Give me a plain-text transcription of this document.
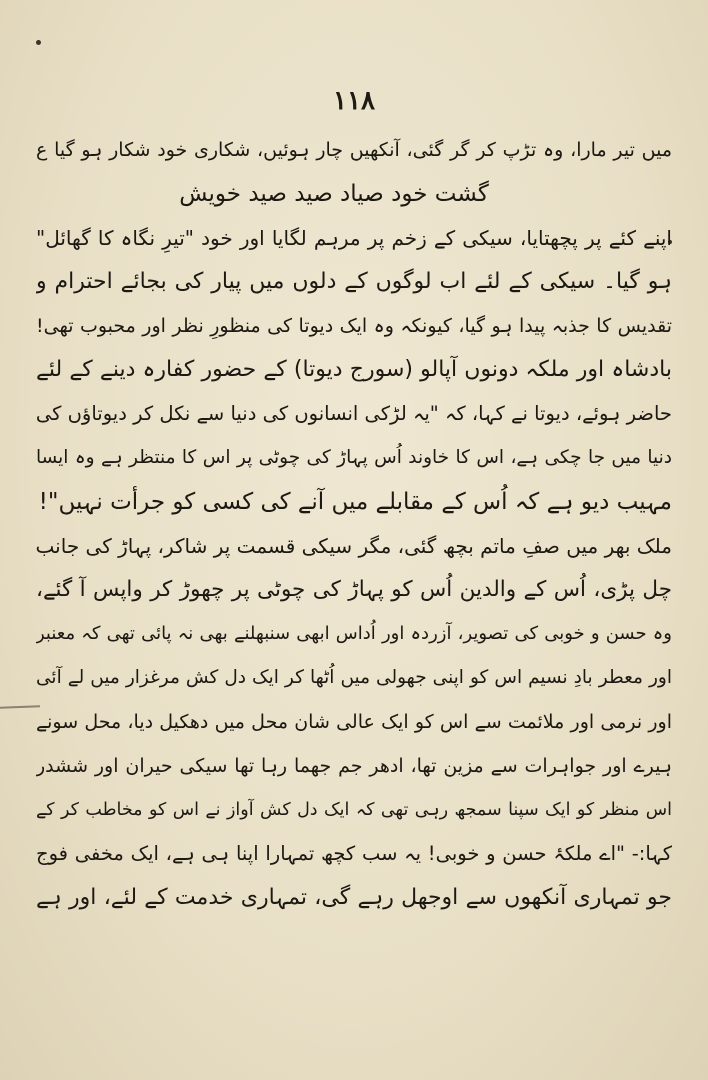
۱۱۸
میں تیر مارا، وہ تڑپ کر گر گئی، آنکھیں چار ہوئیں، شکاری خود شکار ہو گیا ع
گشت خود صیاد صید صید خویش
اپنے کئے پر پچھتایا، سیکی کے زخم پر مرہم لگایا اور خود "تیرِ نگاہ کا گھائل"
ہو گیا۔ سیکی کے لئے اب لوگوں کے دلوں میں پیار کی بجائے احترام و
تقدیس کا جذبہ پیدا ہو گیا، کیونکہ وہ ایک دیوتا کی منظورِ نظر اور محبوب تھی!
بادشاہ اور ملکہ دونوں آپالو (سورج دیوتا) کے حضور کفارہ دینے کے لئے
حاضر ہوئے، دیوتا نے کہا، کہ "یہ لڑکی انسانوں کی دنیا سے نکل کر دیوتاؤں کی
دنیا میں جا چکی ہے، اس کا خاوند اُس پہاڑ کی چوٹی پر اس کا منتظر ہے وہ ایسا
مہیب دیو ہے کہ اُس کے مقابلے میں آنے کی کسی کو جرأت نہیں"!
ملک بھر میں صفِ ماتم بچھ گئی، مگر سیکی قسمت پر شاکر، پہاڑ کی جانب
چل پڑی، اُس کے والدین اُس کو پہاڑ کی چوٹی پر چھوڑ کر واپس آ گئے،
وہ حسن و خوبی کی تصویر، آزردہ اور اُداس ابھی سنبھلنے بھی نہ پائی تھی کہ معنبر
اور معطر بادِ نسیم اس کو اپنی جھولی میں اُٹھا کر ایک دل کش مرغزار میں لے آئی
اور نرمی اور ملائمت سے اس کو ایک عالی شان محل میں دھکیل دیا، محل سونے
ہیرے اور جواہرات سے مزین تھا، ادھر جم جھما رہا تھا سیکی حیران اور ششدر
اس منظر کو ایک سپنا سمجھ رہی تھی کہ ایک دل کش آواز نے اس کو مخاطب کر کے
کہا:- "اے ملکۂ حسن و خوبی! یہ سب کچھ تمہارا اپنا ہی ہے، ایک مخفی فوج
جو تمہاری آنکھوں سے اوجھل رہے گی، تمہاری خدمت کے لئے، اور ہے
